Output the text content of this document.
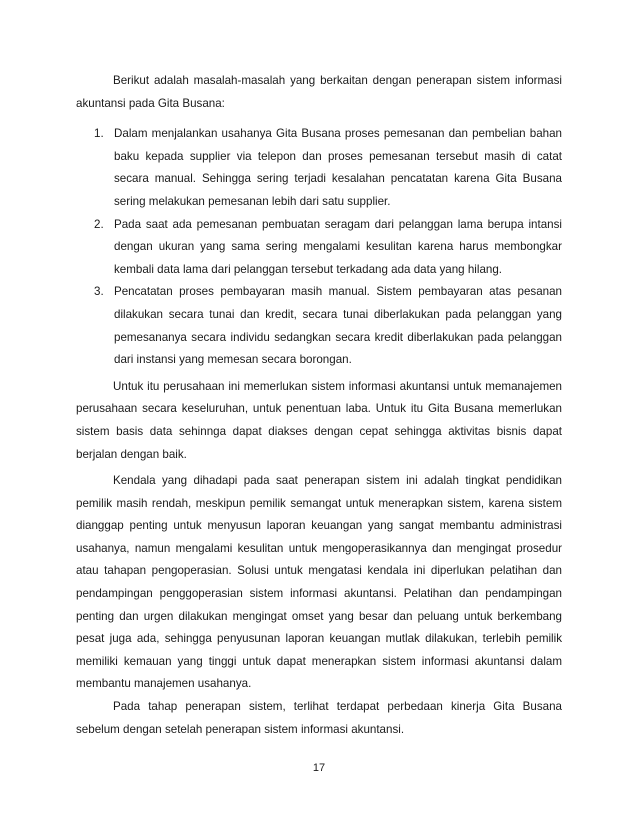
Berikut adalah masalah-masalah yang berkaitan dengan penerapan sistem informasi akuntansi pada Gita Busana:

1. Dalam menjalankan usahanya Gita Busana proses pemesanan dan pembelian bahan baku kepada supplier via telepon dan proses pemesanan tersebut masih di catat secara manual. Sehingga sering terjadi kesalahan pencatatan karena Gita Busana sering melakukan pemesanan lebih dari satu supplier.
2. Pada saat ada pemesanan pembuatan seragam dari pelanggan lama berupa intansi dengan ukuran yang sama sering mengalami kesulitan karena harus membongkar kembali data lama dari pelanggan tersebut terkadang ada data yang hilang.
3. Pencatatan proses pembayaran masih manual. Sistem pembayaran atas pesanan dilakukan secara tunai dan kredit, secara tunai diberlakukan pada pelanggan yang pemesananya secara individu sedangkan secara kredit diberlakukan pada pelanggan dari instansi yang memesan secara borongan.

Untuk itu perusahaan ini memerlukan sistem informasi akuntansi untuk memanajemen perusahaan secara keseluruhan, untuk penentuan laba. Untuk itu Gita Busana memerlukan sistem basis data sehinnga dapat diakses dengan cepat sehingga aktivitas bisnis dapat berjalan dengan baik.

Kendala yang dihadapi pada saat penerapan sistem ini adalah tingkat pendidikan pemilik masih rendah, meskipun pemilik semangat untuk menerapkan sistem, karena sistem dianggap penting untuk menyusun laporan keuangan yang sangat membantu administrasi usahanya, namun mengalami kesulitan untuk mengoperasikannya dan mengingat prosedur atau tahapan pengoperasian. Solusi untuk mengatasi kendala ini diperlukan pelatihan dan pendampingan penggoperasian sistem informasi akuntansi. Pelatihan dan pendampingan penting dan urgen dilakukan mengingat omset yang besar dan peluang untuk berkembang pesat juga ada, sehingga penyusunan laporan keuangan mutlak dilakukan, terlebih pemilik memiliki kemauan yang tinggi untuk dapat menerapkan sistem informasi akuntansi dalam membantu manajemen usahanya.

Pada tahap penerapan sistem, terlihat terdapat perbedaan kinerja Gita Busana sebelum dengan setelah penerapan sistem informasi akuntansi.

17
